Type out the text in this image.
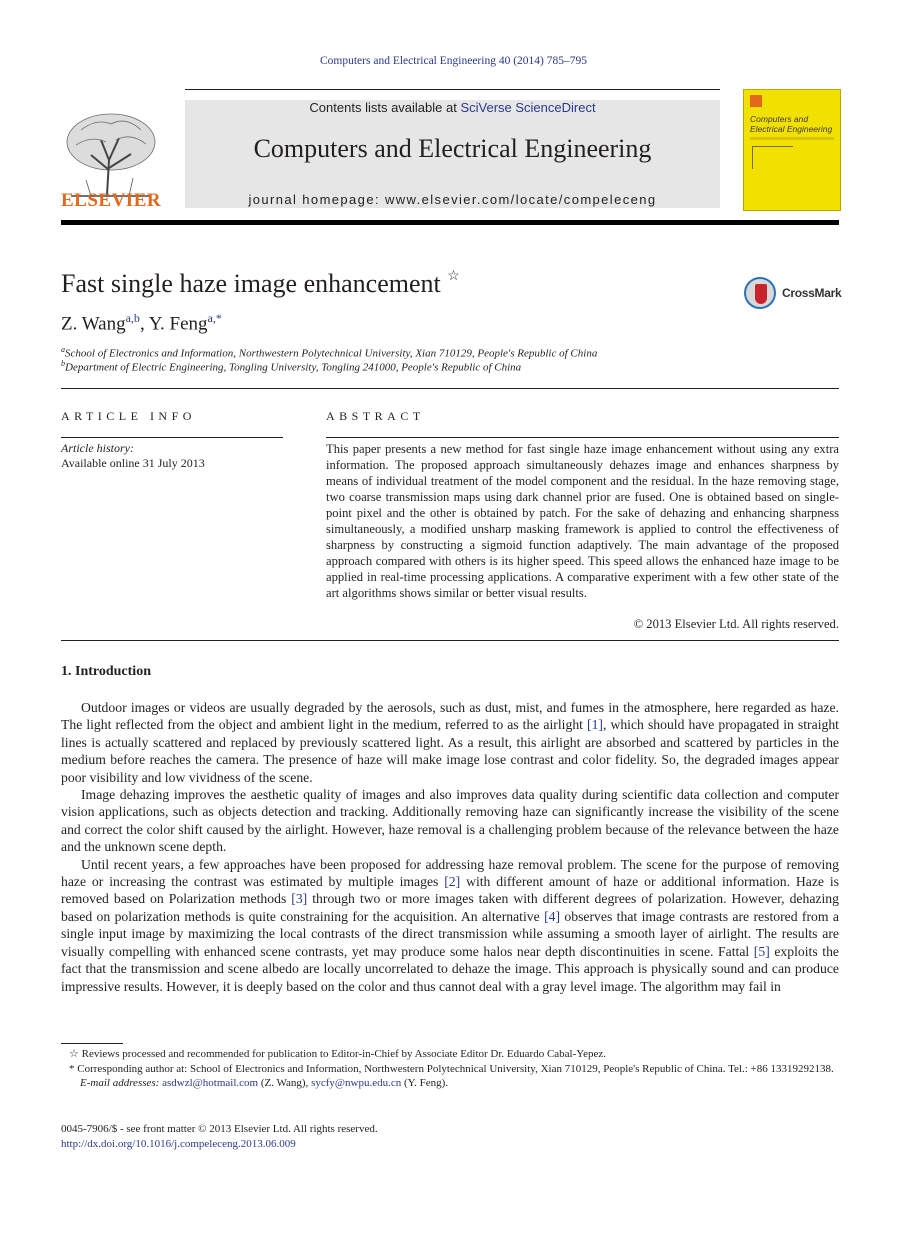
Computers and Electrical Engineering 40 (2014) 785–795
ELSEVIER
Contents lists available at SciVerse ScienceDirect
Computers and Electrical Engineering
journal homepage: www.elsevier.com/locate/compeleceng
Computers and
Electrical Engineering
Fast single haze image enhancement ☆
CrossMark
Z. Wang$^{a,b}$, Y. Feng$^{a,*}$
$^a$School of Electronics and Information, Northwestern Polytechnical University, Xian 710129, People's Republic of China
$^b$Department of Electric Engineering, Tongling University, Tongling 241000, People's Republic of China
ARTICLE INFO
Article history:
Available online 31 July 2013
ABSTRACT
This paper presents a new method for fast single haze image enhancement without using any extra information. The proposed approach simultaneously dehazes image and enhances sharpness by means of individual treatment of the model component and the residual. In the haze removing stage, two coarse transmission maps using dark channel prior are fused. One is obtained based on single-point pixel and the other is obtained by patch. For the sake of dehazing and enhancing sharpness simultaneously, a modified unsharp masking framework is applied to control the effectiveness of sharpness by constructing a sigmoid function adaptively. The main advantage of the proposed approach compared with others is its higher speed. This speed allows the enhanced haze image to be applied in real-time processing applications. A comparative experiment with a few other state of the art algorithms shows similar or better visual results.
© 2013 Elsevier Ltd. All rights reserved.
1. Introduction

Outdoor images or videos are usually degraded by the aerosols, such as dust, mist, and fumes in the atmosphere, here regarded as haze. The light reflected from the object and ambient light in the medium, referred to as the airlight [1], which should have propagated in straight lines is actually scattered and replaced by previously scattered light. As a result, this airlight are absorbed and scattered by particles in the medium before reaches the camera. The presence of haze will make image lose contrast and color fidelity. So, the degraded images appear poor visibility and low vividness of the scene.

Image dehazing improves the aesthetic quality of images and also improves data quality during scientific data collection and computer vision applications, such as objects detection and tracking. Additionally removing haze can significantly increase the visibility of the scene and correct the color shift caused by the airlight. However, haze removal is a challenging problem because of the relevance between the haze and the unknown scene depth.

Until recent years, a few approaches have been proposed for addressing haze removal problem. The scene for the purpose of removing haze or increasing the contrast was estimated by multiple images [2] with different amount of haze or additional information. Haze is removed based on Polarization methods [3] through two or more images taken with different degrees of polarization. However, dehazing based on polarization methods is quite constraining for the acquisition. An alternative [4] observes that image contrasts are restored from a single input image by maximizing the local contrasts of the direct transmission while assuming a smooth layer of airlight. The results are visually compelling with enhanced scene contrasts, yet may produce some halos near depth discontinuities in scene. Fattal [5] exploits the fact that the transmission and scene albedo are locally uncorrelated to dehaze the image. This approach is physically sound and can produce impressive results. However, it is deeply based on the color and thus cannot deal with a gray level image. The algorithm may fail in

☆ Reviews processed and recommended for publication to Editor-in-Chief by Associate Editor Dr. Eduardo Cabal-Yepez.

* Corresponding author at: School of Electronics and Information, Northwestern Polytechnical University, Xian 710129, People's Republic of China. Tel.: +86 13319292138.

E-mail addresses: asdwzl@hotmail.com (Z. Wang), sycfy@nwpu.edu.cn (Y. Feng).

0045-7906/$ - see front matter © 2013 Elsevier Ltd. All rights reserved.
http://dx.doi.org/10.1016/j.compeleceng.2013.06.009
